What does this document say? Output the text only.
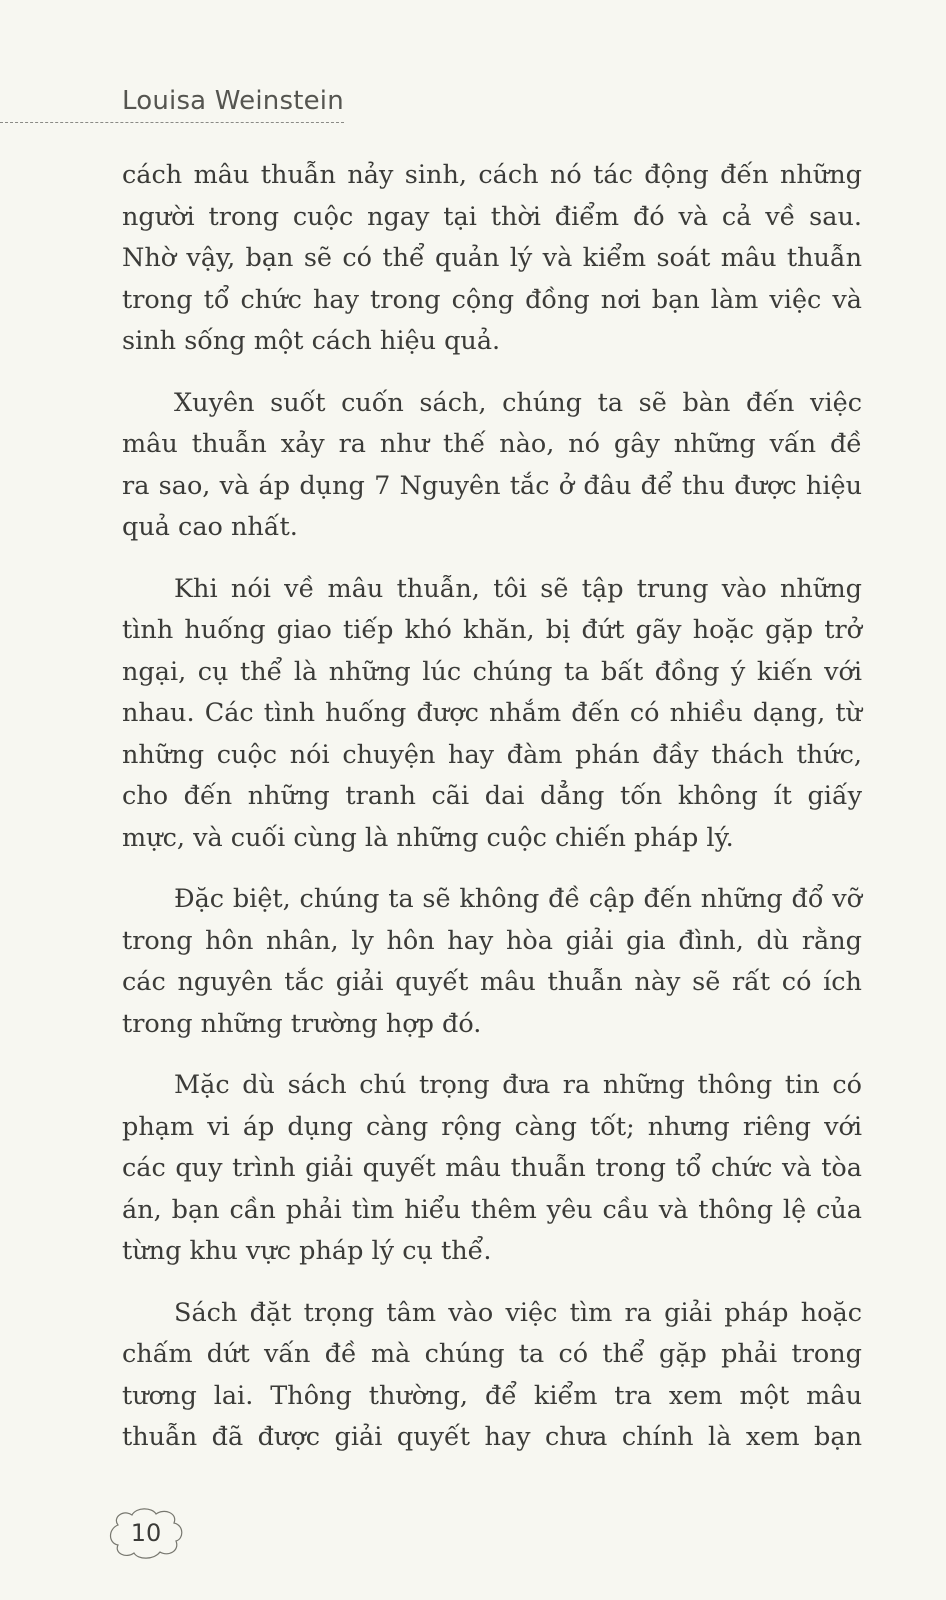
Louisa Weinstein
cách mâu thuẫn nảy sinh, cách nó tác động đến những
người trong cuộc ngay tại thời điểm đó và cả về sau.
Nhờ vậy, bạn sẽ có thể quản lý và kiểm soát mâu thuẫn
trong tổ chức hay trong cộng đồng nơi bạn làm việc và
sinh sống một cách hiệu quả.
Xuyên suốt cuốn sách, chúng ta sẽ bàn đến việc
mâu thuẫn xảy ra như thế nào, nó gây những vấn đề
ra sao, và áp dụng 7 Nguyên tắc ở đâu để thu được hiệu
quả cao nhất.
Khi nói về mâu thuẫn, tôi sẽ tập trung vào những
tình huống giao tiếp khó khăn, bị đứt gãy hoặc gặp trở
ngại, cụ thể là những lúc chúng ta bất đồng ý kiến với
nhau. Các tình huống được nhắm đến có nhiều dạng, từ
những cuộc nói chuyện hay đàm phán đầy thách thức,
cho đến những tranh cãi dai dẳng tốn không ít giấy
mực, và cuối cùng là những cuộc chiến pháp lý.
Đặc biệt, chúng ta sẽ không đề cập đến những đổ vỡ
trong hôn nhân, ly hôn hay hòa giải gia đình, dù rằng
các nguyên tắc giải quyết mâu thuẫn này sẽ rất có ích
trong những trường hợp đó.
Mặc dù sách chú trọng đưa ra những thông tin có
phạm vi áp dụng càng rộng càng tốt; nhưng riêng với
các quy trình giải quyết mâu thuẫn trong tổ chức và tòa
án, bạn cần phải tìm hiểu thêm yêu cầu và thông lệ của
từng khu vực pháp lý cụ thể.
Sách đặt trọng tâm vào việc tìm ra giải pháp hoặc
chấm dứt vấn đề mà chúng ta có thể gặp phải trong
tương lai. Thông thường, để kiểm tra xem một mâu
thuẫn đã được giải quyết hay chưa chính là xem bạn
10
